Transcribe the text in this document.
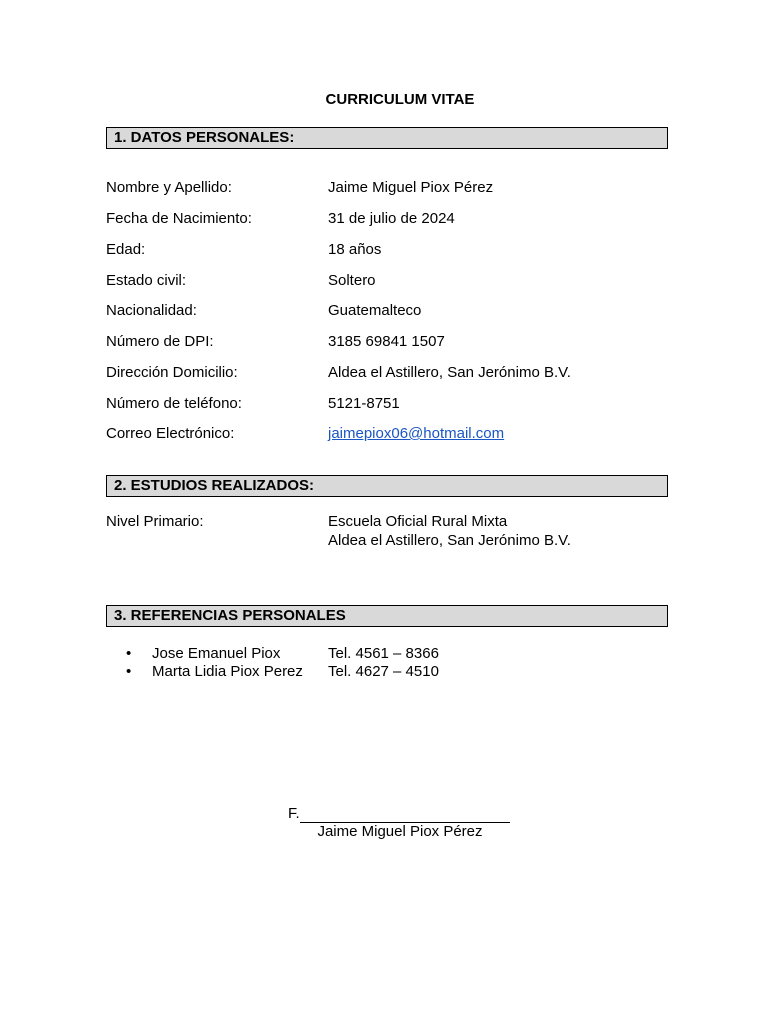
CURRICULUM VITAE
1. DATOS PERSONALES:
Nombre y Apellido:	Jaime Miguel Piox Pérez
Fecha de Nacimiento:	31 de julio de 2024
Edad:	18 años
Estado civil:	Soltero
Nacionalidad:	Guatemalteco
Número de DPI:	3185 69841 1507
Dirección Domicilio:	Aldea el Astillero, San Jerónimo B.V.
Número de teléfono:	5121-8751
Correo Electrónico:	jaimepiox06@hotmail.com
2. ESTUDIOS REALIZADOS:
Nivel Primario:	Escuela Oficial Rural Mixta
Aldea el Astillero, San Jerónimo B.V.
3. REFERENCIAS PERSONALES
• Jose Emanuel Piox	Tel. 4561 – 8366
• Marta Lidia Piox Perez Tel. 4627 – 4510
F.
Jaime Miguel Piox Pérez
